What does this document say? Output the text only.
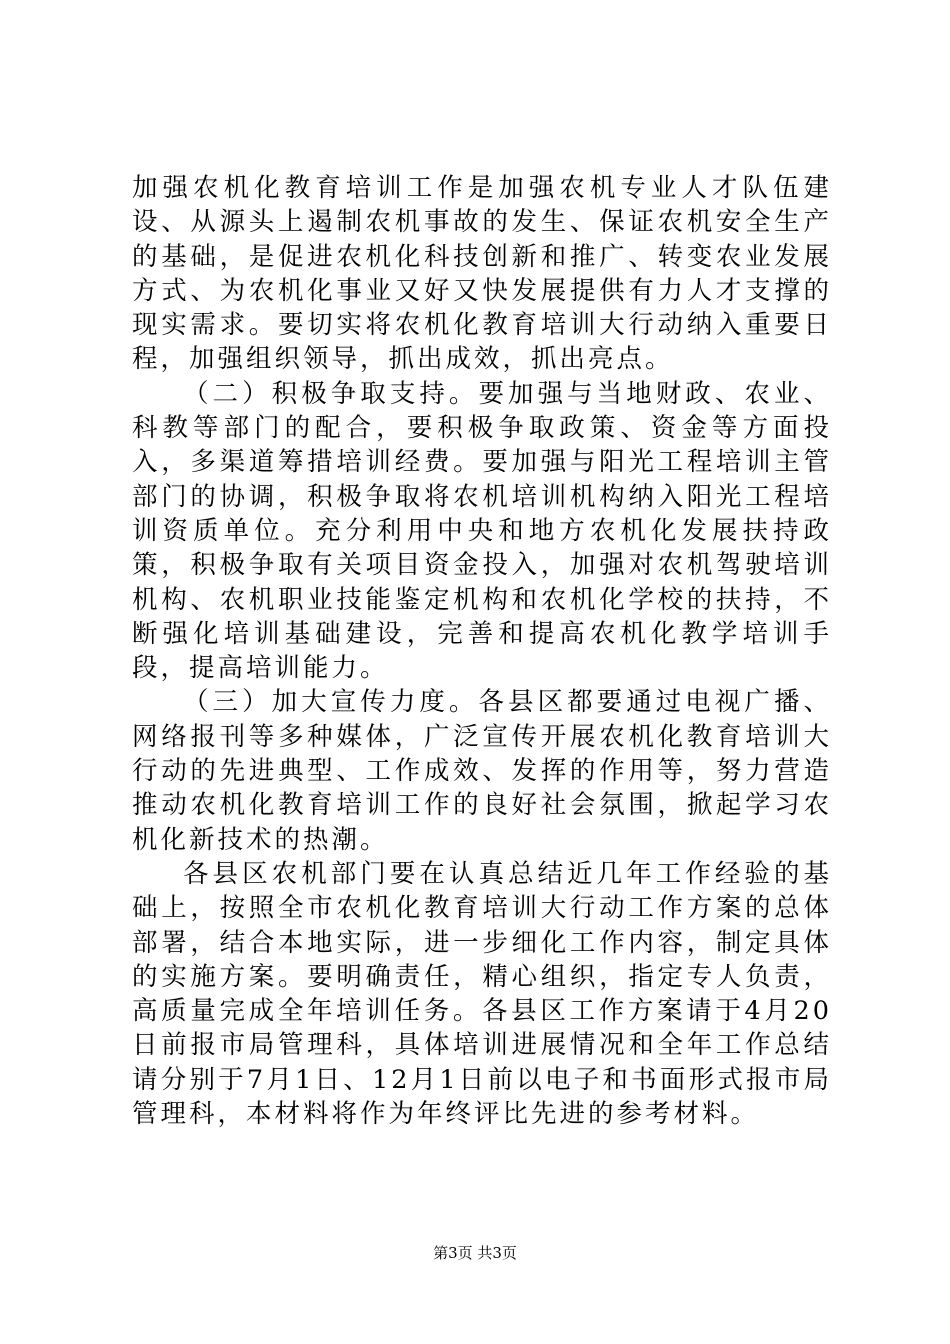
加强农机化教育培训工作是加强农机专业人才队伍建设、从源头上遏制农机事故的发生、保证农机安全生产的基础，是促进农机化科技创新和推广、转变农业发展方式、为农机化事业又好又快发展提供有力人才支撑的现实需求。要切实将农机化教育培训大行动纳入重要日程，加强组织领导，抓出成效，抓出亮点。

（二）积极争取支持。要加强与当地财政、农业、科教等部门的配合，要积极争取政策、资金等方面投入，多渠道筹措培训经费。要加强与阳光工程培训主管部门的协调，积极争取将农机培训机构纳入阳光工程培训资质单位。充分利用中央和地方农机化发展扶持政策，积极争取有关项目资金投入，加强对农机驾驶培训机构、农机职业技能鉴定机构和农机化学校的扶持，不断强化培训基础建设，完善和提高农机化教学培训手段，提高培训能力。

（三）加大宣传力度。各县区都要通过电视广播、网络报刊等多种媒体，广泛宣传开展农机化教育培训大行动的先进典型、工作成效、发挥的作用等，努力营造推动农机化教育培训工作的良好社会氛围，掀起学习农机化新技术的热潮。

各县区农机部门要在认真总结近几年工作经验的基础上，按照全市农机化教育培训大行动工作方案的总体部署，结合本地实际，进一步细化工作内容，制定具体的实施方案。要明确责任，精心组织，指定专人负责，高质量完成全年培训任务。各县区工作方案请于4月20日前报市局管理科，具体培训进展情况和全年工作总结请分别于7月1日、12月1日前以电子和书面形式报市局管理科，本材料将作为年终评比先进的参考材料。

第3页 共3页
